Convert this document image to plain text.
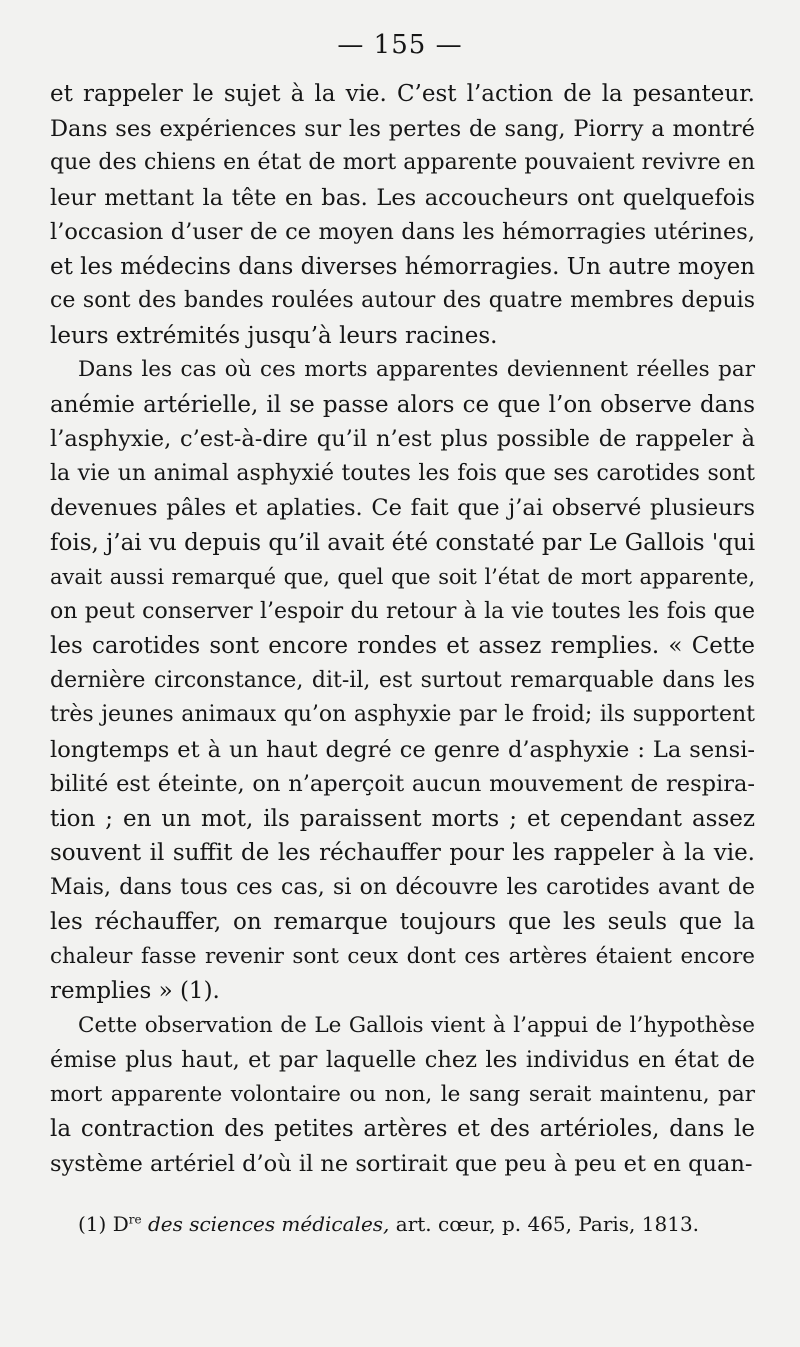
— 155 —
et rappeler le sujet à la vie. C’est l’action de la pesanteur.
Dans ses expériences sur les pertes de sang, Piorry a montré
que des chiens en état de mort apparente pouvaient revivre en
leur mettant la tête en bas. Les accoucheurs ont quelquefois
l’occasion d’user de ce moyen dans les hémorragies utérines,
et les médecins dans diverses hémorragies. Un autre moyen
ce sont des bandes roulées autour des quatre membres depuis
leurs extrémités jusqu’à leurs racines.
Dans les cas où ces morts apparentes deviennent réelles par
anémie artérielle, il se passe alors ce que l’on observe dans
l’asphyxie, c’est-à-dire qu’il n’est plus possible de rappeler à
la vie un animal asphyxié toutes les fois que ses carotides sont
devenues pâles et aplaties. Ce fait que j’ai observé plusieurs
fois, j’ai vu depuis qu’il avait été constaté par Le Gallois 'qui
avait aussi remarqué que, quel que soit l’état de mort apparente,
on peut conserver l’espoir du retour à la vie toutes les fois que
les carotides sont encore rondes et assez remplies. « Cette
dernière circonstance, dit-il, est surtout remarquable dans les
très jeunes animaux qu’on asphyxie par le froid; ils supportent
longtemps et à un haut degré ce genre d’asphyxie : La sensi-
bilité est éteinte, on n’aperçoit aucun mouvement de respira-
tion ; en un mot, ils paraissent morts ; et cependant assez
souvent il suffit de les réchauffer pour les rappeler à la vie.
Mais, dans tous ces cas, si on découvre les carotides avant de
les réchauffer, on remarque toujours que les seuls que la
chaleur fasse revenir sont ceux dont ces artères étaient encore
remplies » (1).
Cette observation de Le Gallois vient à l’appui de l’hypothèse
émise plus haut, et par laquelle chez les individus en état de
mort apparente volontaire ou non, le sang serait maintenu, par
la contraction des petites artères et des artérioles, dans le
système artériel d’où il ne sortirait que peu à peu et en quan-
(1) Dre des sciences médicales, art. cœur, p. 465, Paris, 1813.
